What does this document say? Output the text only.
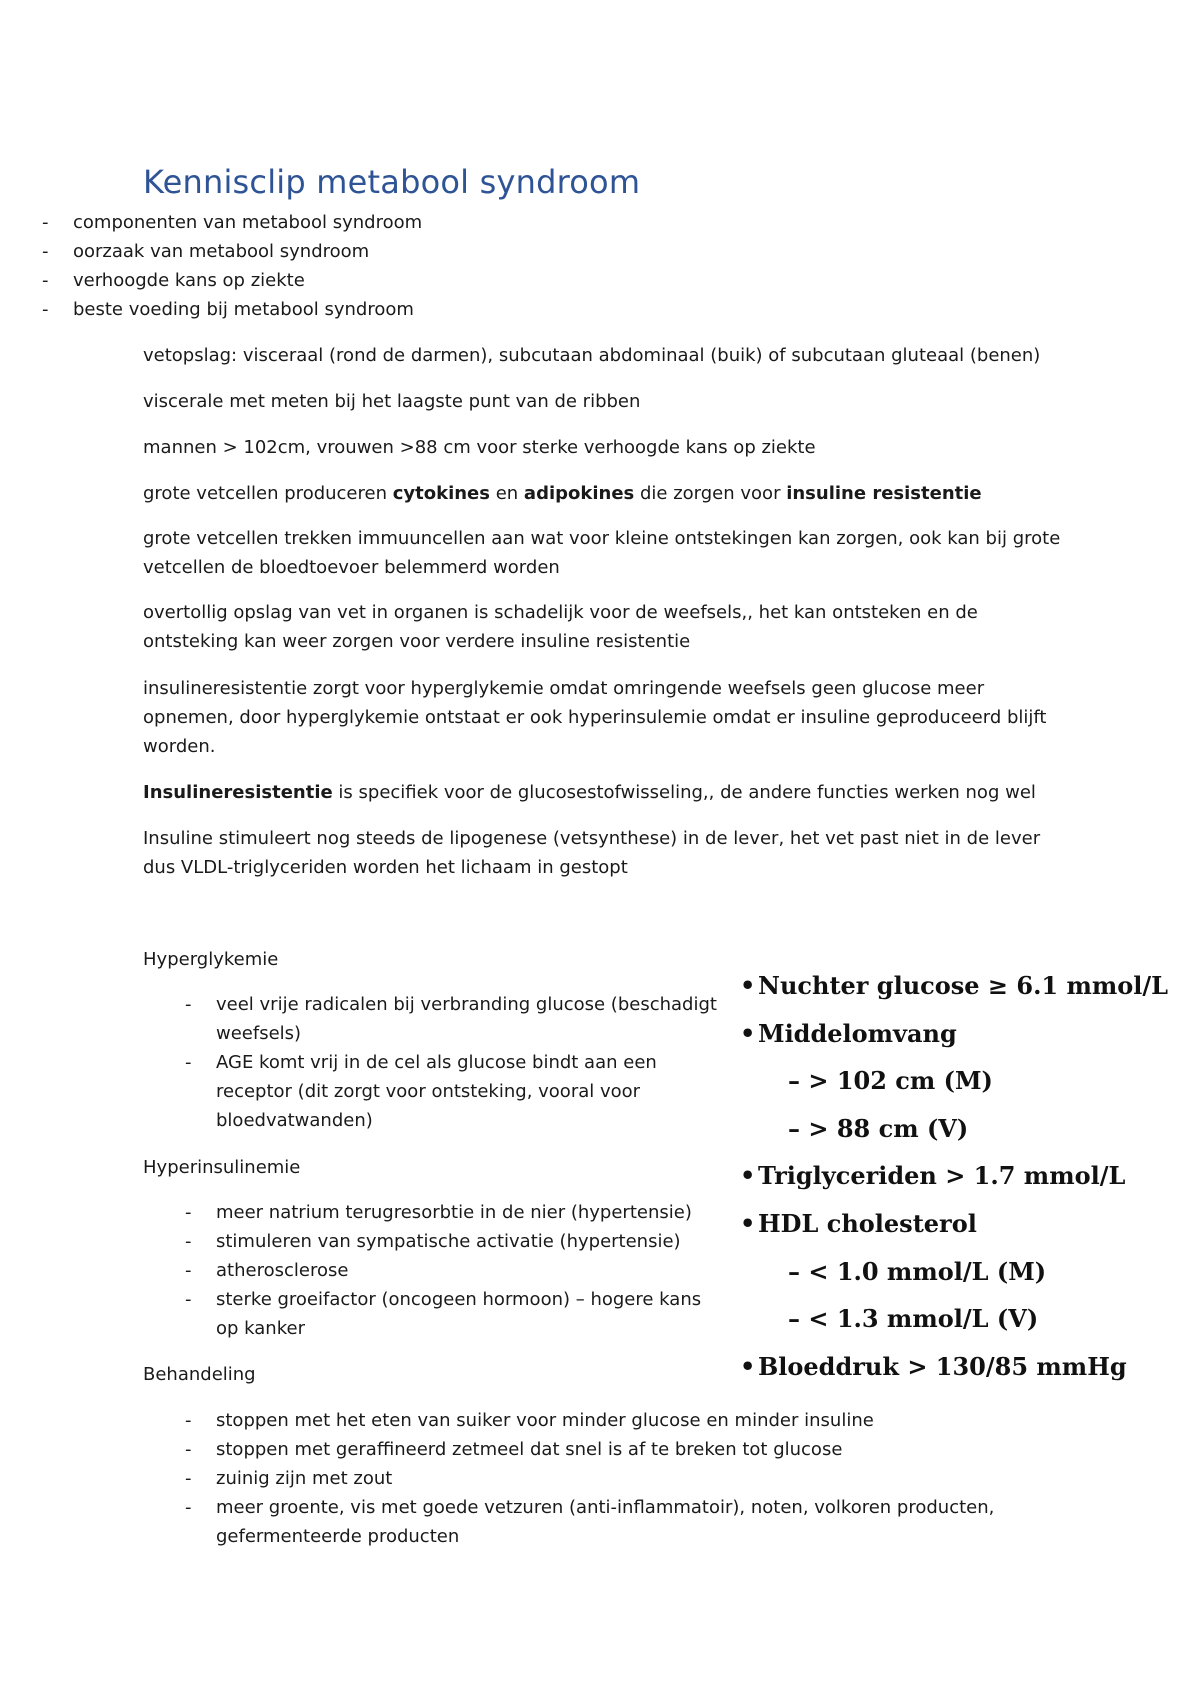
Kennisclip metabool syndroom
- componenten van metabool syndroom
- oorzaak van metabool syndroom
- verhoogde kans op ziekte
- beste voeding bij metabool syndroom

vetopslag: visceraal (rond de darmen), subcutaan abdominaal (buik) of subcutaan gluteaal (benen)

viscerale met meten bij het laagste punt van de ribben

mannen > 102cm, vrouwen >88 cm voor sterke verhoogde kans op ziekte

grote vetcellen produceren cytokines en adipokines die zorgen voor insuline resistentie

grote vetcellen trekken immuuncellen aan wat voor kleine ontstekingen kan zorgen, ook kan bij grote vetcellen de bloedtoevoer belemmerd worden

overtollig opslag van vet in organen is schadelijk voor de weefsels,, het kan ontsteken en de ontsteking kan weer zorgen voor verdere insuline resistentie

insulineresistentie zorgt voor hyperglykemie omdat omringende weefsels geen glucose meer opnemen, door hyperglykemie ontstaat er ook hyperinsulemie omdat er insuline geproduceerd blijft worden.

Insulineresistentie is specifiek voor de glucosestofwisseling,, de andere functies werken nog wel

Insuline stimuleert nog steeds de lipogenese (vetsynthese) in de lever, het vet past niet in de lever dus VLDL-triglyceriden worden het lichaam in gestopt

Hyperglykemie

- veel vrije radicalen bij verbranding glucose (beschadigt weefsels)
- AGE komt vrij in de cel als glucose bindt aan een receptor (dit zorgt voor ontsteking, vooral voor bloedvatwanden)

Hyperinsulinemie

- meer natrium terugresorbtie in de nier (hypertensie)
- stimuleren van sympatische activatie (hypertensie)
- atherosclerose
- sterke groeifactor (oncogeen hormoon) – hogere kans op kanker

Behandeling

- stoppen met het eten van suiker voor minder glucose en minder insuline
- stoppen met geraffineerd zetmeel dat snel is af te breken tot glucose
- zuinig zijn met zout
- meer groente, vis met goede vetzuren (anti-inflammatoir), noten, volkoren producten, gefermenteerde producten
• Nuchter glucose ≥ 6.1 mmol/L
• Middelomvang
– > 102 cm (M)
– > 88 cm (V)
• Triglyceriden > 1.7 mmol/L
• HDL cholesterol
– < 1.0 mmol/L (M)
– < 1.3 mmol/L (V)
• Bloeddruk > 130/85 mmHg
